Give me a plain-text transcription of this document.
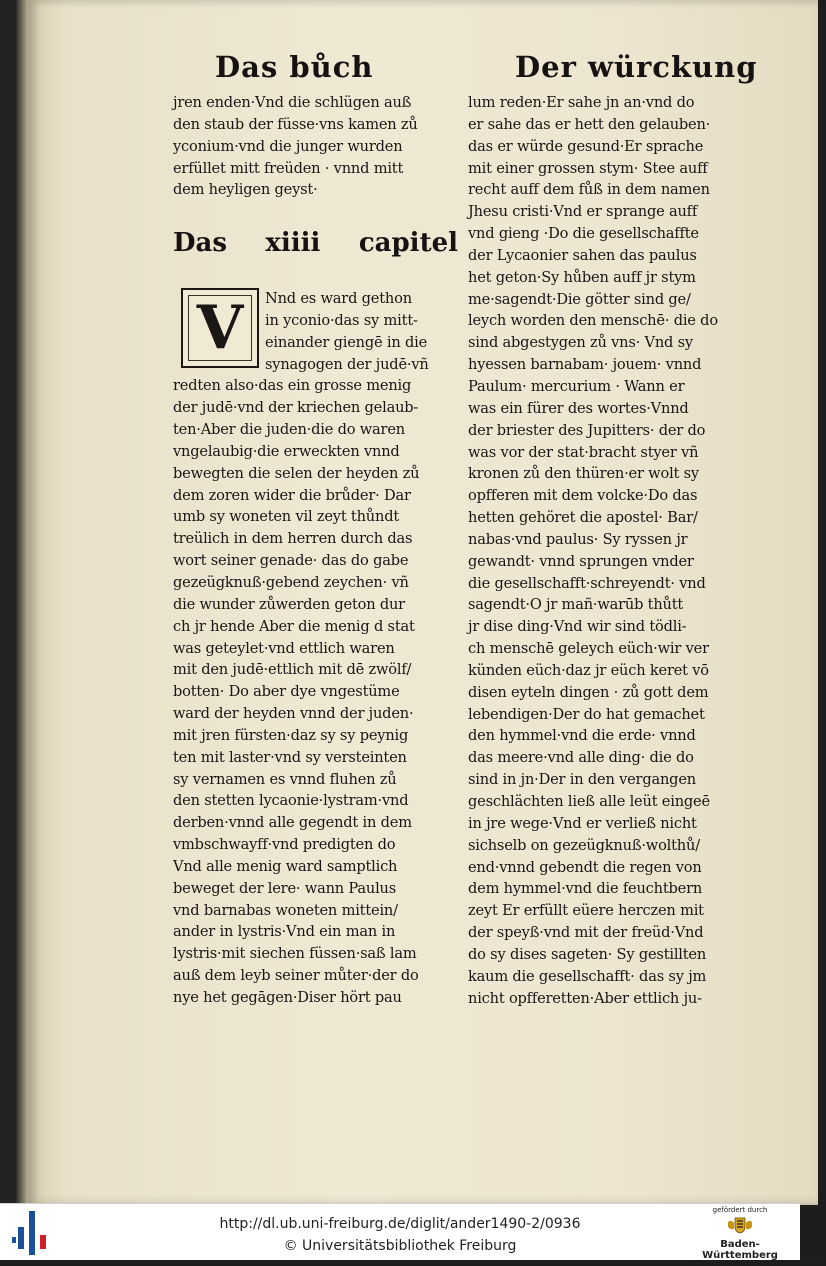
Das bůch	Der würckung
jren enden·Vnd die schlügen auß
den staub der füsse·vns kamen zů
yconium·vnd die junger wurden
erfüllet mitt freüden · vnnd mitt
dem heyligen geyst·
Das xiiii capitel
V	Nnd es ward gethon
in yconio·das sy mitt-
einander giengē in die
synagogen der judē·vñ
redten also·das ein grosse menig
der judē·vnd der kriechen gelaub-
ten·Aber die juden·die do waren
vngelaubig·die erweckten vnnd
bewegten die selen der heyden zů
dem zoren wider die brůder· Dar
umb sy woneten vil zeyt thůndt
treülich in dem herren durch das
wort seiner genade· das do gabe
gezeügknuß·gebend zeychen· vñ
die wunder zůwerden geton dur
ch jr hende Aber die menig d stat
was geteylet·vnd ettlich waren
mit den judē·ettlich mit dē zwölf/
botten· Do aber dye vngestüme
ward der heyden vnnd der juden·
mit jren fürsten·daz sy sy peynig
ten mit laster·vnd sy versteinten
sy vernamen es vnnd fluhen zů
den stetten lycaonie·lystram·vnd
derben·vnnd alle gegendt in dem
vmbschwayff·vnd predigten do
Vnd alle menig ward samptlich
beweget der lere· wann Paulus
vnd barnabas woneten mittein/
ander in lystris·Vnd ein man in
lystris·mit siechen füssen·saß lam
auß dem leyb seiner můter·der do
nye het gegāgen·Diser hört pau
lum reden·Er sahe jn an·vnd do
er sahe das er hett den gelauben·
das er würde gesund·Er sprache
mit einer grossen stym· Stee auff
recht auff dem fůß in dem namen
Jhesu cristi·Vnd er sprange auff
vnd gieng ·Do die gesellschaffte
der Lycaonier sahen das paulus
het geton·Sy hůben auff jr stym
me·sagendt·Die götter sind ge/
leych worden den menschē· die do
sind abgestygen zů vns· Vnd sy
hyessen barnabam· jouem· vnnd
Paulum· mercurium · Wann er
was ein fürer des wortes·Vnnd
der briester des Jupitters· der do
was vor der stat·bracht styer vñ
kronen zů den thüren·er wolt sy
opfferen mit dem volcke·Do das
hetten gehöret die apostel· Bar/
nabas·vnd paulus· Sy ryssen jr
gewandt· vnnd sprungen vnder
die gesellschafft·schreyendt· vnd
sagendt·O jr mañ·warūb thůtt
jr dise ding·Vnd wir sind tödli-
ch menschē geleych eüch·wir ver
künden eüch·daz jr eüch keret vō
disen eyteln dingen · zů gott dem
lebendigen·Der do hat gemachet
den hymmel·vnd die erde· vnnd
das meere·vnd alle ding· die do
sind in jn·Der in den vergangen
geschlächten ließ alle leüt eingeē
in jre wege·Vnd er verließ nicht
sichselb on gezeügknuß·wolthů/
end·vnnd gebendt die regen von
dem hymmel·vnd die feuchtbern
zeyt Er erfüllt eüere herczen mit
der speyß·vnd mit der freüd·Vnd
do sy dises sageten· Sy gestillten
kaum die gesellschafft· das sy jm
nicht opfferetten·Aber ettlich ju-
http://dl.ub.uni-freiburg.de/diglit/ander1490-2/0936
© Universitätsbibliothek Freiburg
gefördert durch
Baden-Württemberg
MINISTERIUM FÜR WISSENSCHAFT, FORSCHUNG UND KUNST
